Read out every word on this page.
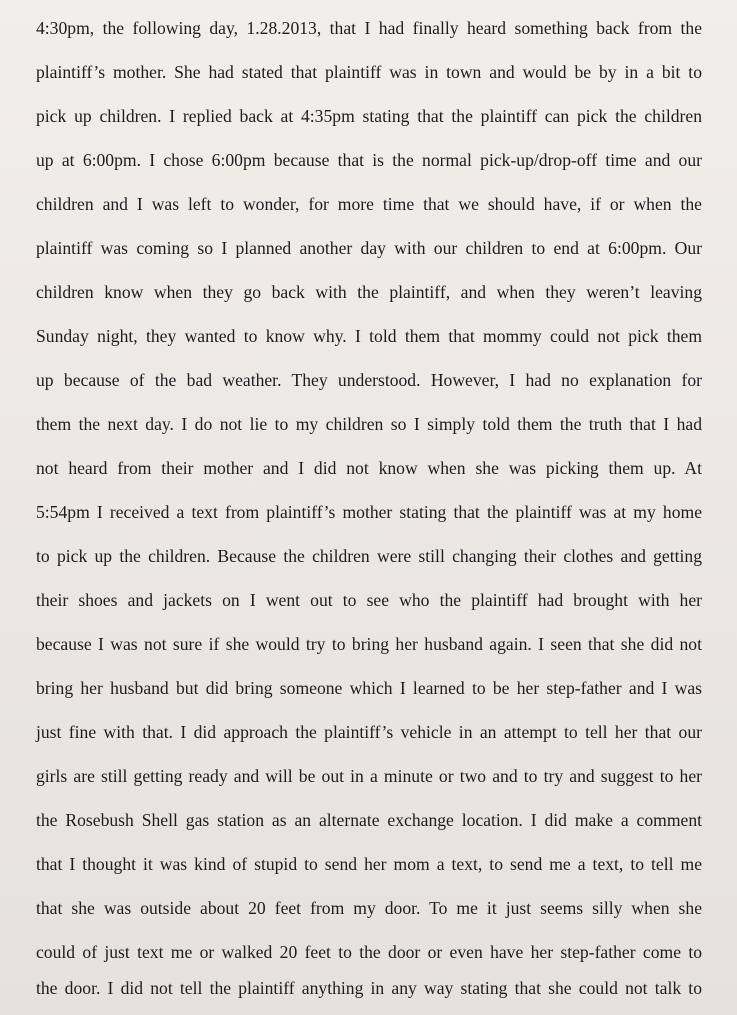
4:30pm, the following day, 1.28.2013, that I had finally heard something back from the
plaintiff’s mother. She had stated that plaintiff was in town and would be by in a bit to
pick up children. I replied back at 4:35pm stating that the plaintiff can pick the children
up at 6:00pm. I chose 6:00pm because that is the normal pick-up/drop-off time and our
children and I was left to wonder, for more time that we should have, if or when the
plaintiff was coming so I planned another day with our children to end at 6:00pm. Our
children know when they go back with the plaintiff, and when they weren’t leaving
Sunday night, they wanted to know why. I told them that mommy could not pick them
up because of the bad weather. They understood. However, I had no explanation for
them the next day. I do not lie to my children so I simply told them the truth that I had
not heard from their mother and I did not know when she was picking them up. At
5:54pm I received a text from plaintiff’s mother stating that the plaintiff was at my home
to pick up the children. Because the children were still changing their clothes and getting
their shoes and jackets on I went out to see who the plaintiff had brought with her
because I was not sure if she would try to bring her husband again. I seen that she did not
bring her husband but did bring someone which I learned to be her step-father and I was
just fine with that. I did approach the plaintiff’s vehicle in an attempt to tell her that our
girls are still getting ready and will be out in a minute or two and to try and suggest to her
the Rosebush Shell gas station as an alternate exchange location. I did make a comment
that I thought it was kind of stupid to send her mom a text, to send me a text, to tell me
that she was outside about 20 feet from my door. To me it just seems silly when she
could of just text me or walked 20 feet to the door or even have her step-father come to
the door. I did not tell the plaintiff anything in any way stating that she could not talk to
